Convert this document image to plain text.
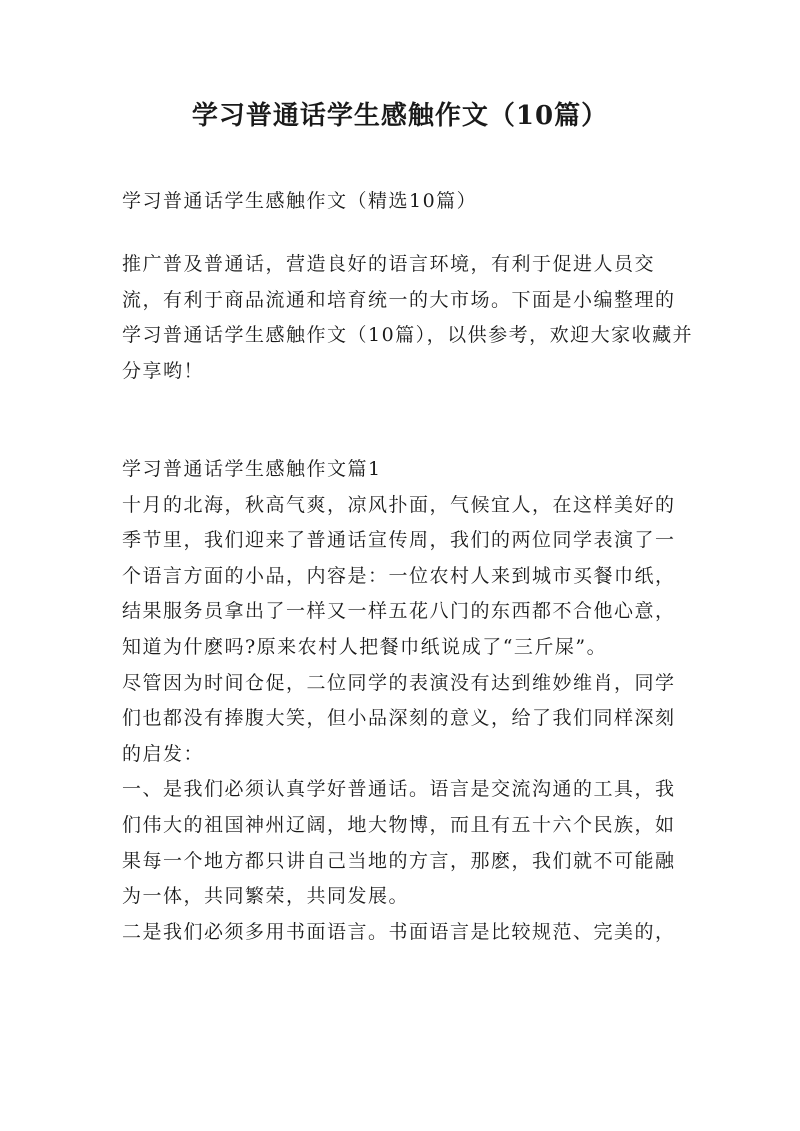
学习普通话学生感触作文（10篇）

学习普通话学生感触作文（精选10篇）

推广普及普通话，营造良好的语言环境，有利于促进人员交流，有利于商品流通和培育统一的大市场。下面是小编整理的学习普通话学生感触作文（10篇），以供参考，欢迎大家收藏并分享哟！

学习普通话学生感触作文篇1
十月的北海，秋高气爽，凉风扑面，气候宜人，在这样美好的季节里，我们迎来了普通话宣传周，我们的两位同学表演了一个语言方面的小品，内容是：一位农村人来到城市买餐巾纸，结果服务员拿出了一样又一样五花八门的东西都不合他心意，知道为什麽吗?原来农村人把餐巾纸说成了“三斤屎”。
尽管因为时间仓促，二位同学的表演没有达到维妙维肖，同学们也都没有捧腹大笑，但小品深刻的意义，给了我们同样深刻的启发：
一、是我们必须认真学好普通话。语言是交流沟通的工具，我们伟大的祖国神州辽阔，地大物博，而且有五十六个民族，如果每一个地方都只讲自己当地的方言，那麽，我们就不可能融为一体，共同繁荣，共同发展。
二是我们必须多用书面语言。书面语言是比较规范、完美的，
